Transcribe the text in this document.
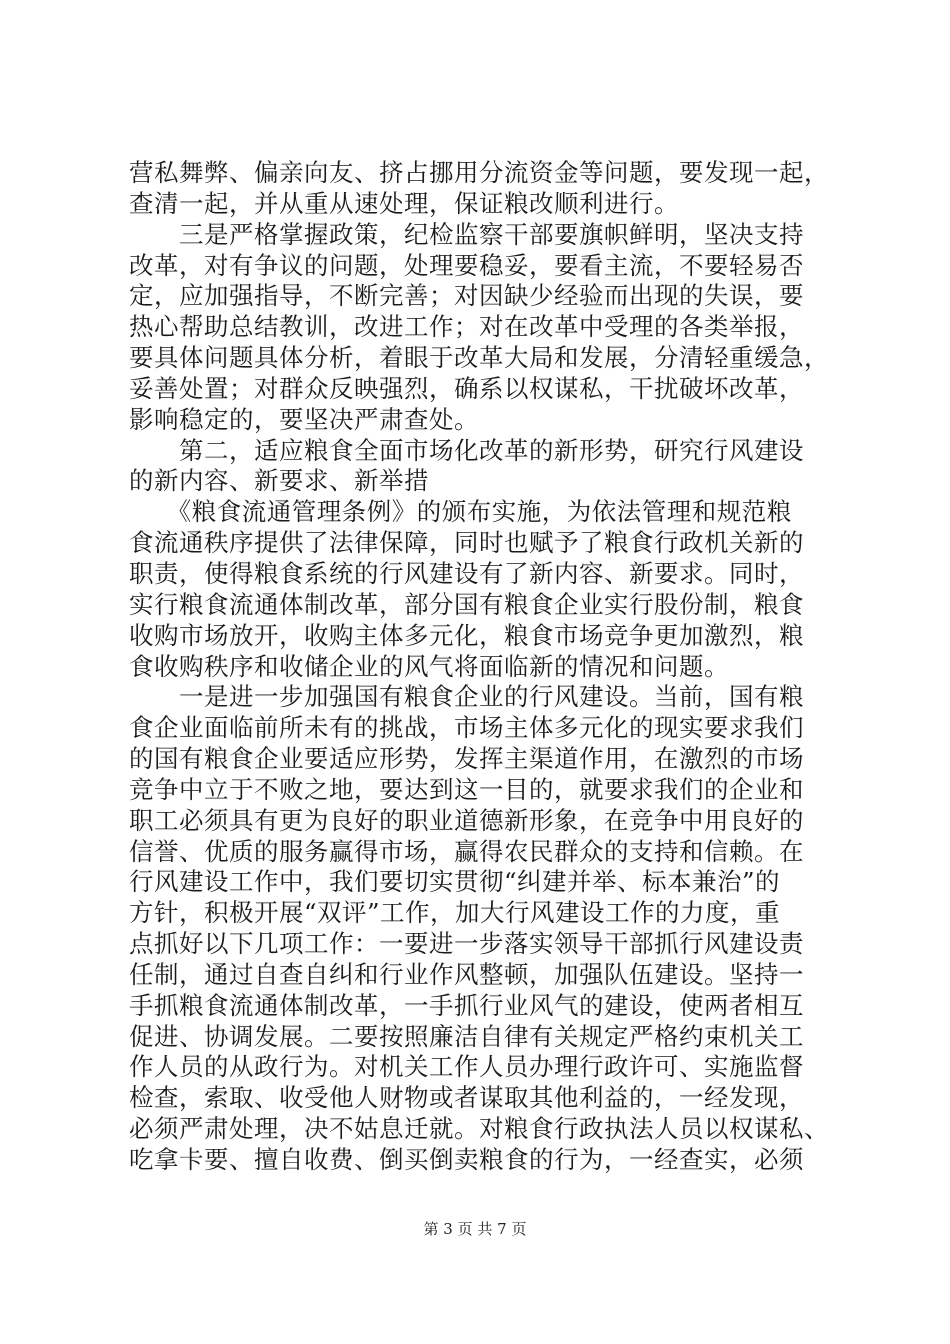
营私舞弊、偏亲向友、挤占挪用分流资金等问题，要发现一起，
查清一起，并从重从速处理，保证粮改顺利进行。
　　三是严格掌握政策，纪检监察干部要旗帜鲜明，坚决支持
改革，对有争议的问题，处理要稳妥，要看主流，不要轻易否
定，应加强指导，不断完善；对因缺少经验而出现的失误，要
热心帮助总结教训，改进工作；对在改革中受理的各类举报，
要具体问题具体分析，着眼于改革大局和发展，分清轻重缓急，
妥善处置；对群众反映强烈，确系以权谋私，干扰破坏改革，
影响稳定的，要坚决严肃查处。
　　第二，适应粮食全面市场化改革的新形势，研究行风建设
的新内容、新要求、新举措
　　《粮食流通管理条例》的颁布实施，为依法管理和规范粮
食流通秩序提供了法律保障，同时也赋予了粮食行政机关新的
职责，使得粮食系统的行风建设有了新内容、新要求。同时，
实行粮食流通体制改革，部分国有粮食企业实行股份制，粮食
收购市场放开，收购主体多元化，粮食市场竞争更加激烈，粮
食收购秩序和收储企业的风气将面临新的情况和问题。
　　一是进一步加强国有粮食企业的行风建设。当前，国有粮
食企业面临前所未有的挑战，市场主体多元化的现实要求我们
的国有粮食企业要适应形势，发挥主渠道作用，在激烈的市场
竞争中立于不败之地，要达到这一目的，就要求我们的企业和
职工必须具有更为良好的职业道德新形象，在竞争中用良好的
信誉、优质的服务赢得市场，赢得农民群众的支持和信赖。在
行风建设工作中，我们要切实贯彻“纠建并举、标本兼治”的
方针，积极开展“双评”工作，加大行风建设工作的力度，重
点抓好以下几项工作：一要进一步落实领导干部抓行风建设责
任制，通过自查自纠和行业作风整顿，加强队伍建设。坚持一
手抓粮食流通体制改革，一手抓行业风气的建设，使两者相互
促进、协调发展。二要按照廉洁自律有关规定严格约束机关工
作人员的从政行为。对机关工作人员办理行政许可、实施监督
检查，索取、收受他人财物或者谋取其他利益的，一经发现，
必须严肃处理，决不姑息迁就。对粮食行政执法人员以权谋私、
吃拿卡要、擅自收费、倒买倒卖粮食的行为，一经查实，必须
第 3 页 共 7 页
